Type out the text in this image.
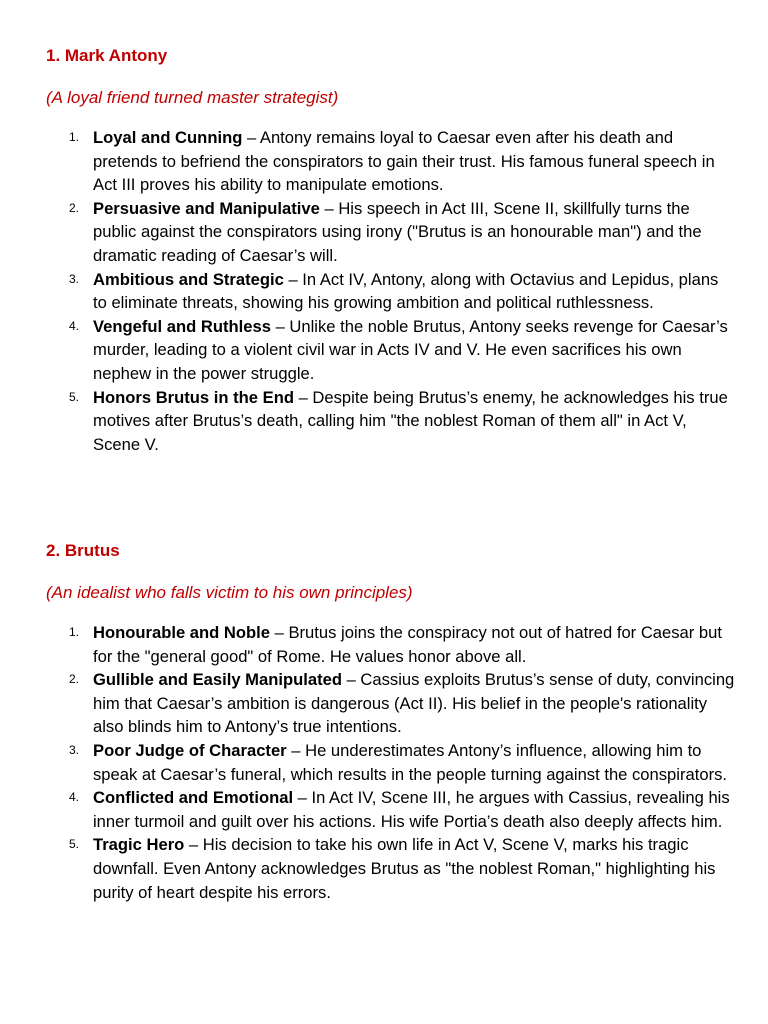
1. Mark Antony

(A loyal friend turned master strategist)

1. Loyal and Cunning – Antony remains loyal to Caesar even after his death and pretends to befriend the conspirators to gain their trust. His famous funeral speech in Act III proves his ability to manipulate emotions.
2. Persuasive and Manipulative – His speech in Act III, Scene II, skillfully turns the public against the conspirators using irony ("Brutus is an honourable man") and the dramatic reading of Caesar’s will.
3. Ambitious and Strategic – In Act IV, Antony, along with Octavius and Lepidus, plans to eliminate threats, showing his growing ambition and political ruthlessness.
4. Vengeful and Ruthless – Unlike the noble Brutus, Antony seeks revenge for Caesar’s murder, leading to a violent civil war in Acts IV and V. He even sacrifices his own nephew in the power struggle.
5. Honors Brutus in the End – Despite being Brutus’s enemy, he acknowledges his true motives after Brutus’s death, calling him "the noblest Roman of them all" in Act V, Scene V.
2. Brutus

(An idealist who falls victim to his own principles)

1. Honourable and Noble – Brutus joins the conspiracy not out of hatred for Caesar but for the "general good" of Rome. He values honor above all.
2. Gullible and Easily Manipulated – Cassius exploits Brutus’s sense of duty, convincing him that Caesar’s ambition is dangerous (Act II). His belief in the people's rationality also blinds him to Antony’s true intentions.
3. Poor Judge of Character – He underestimates Antony’s influence, allowing him to speak at Caesar’s funeral, which results in the people turning against the conspirators.
4. Conflicted and Emotional – In Act IV, Scene III, he argues with Cassius, revealing his inner turmoil and guilt over his actions. His wife Portia’s death also deeply affects him.
5. Tragic Hero – His decision to take his own life in Act V, Scene V, marks his tragic downfall. Even Antony acknowledges Brutus as "the noblest Roman," highlighting his purity of heart despite his errors.
